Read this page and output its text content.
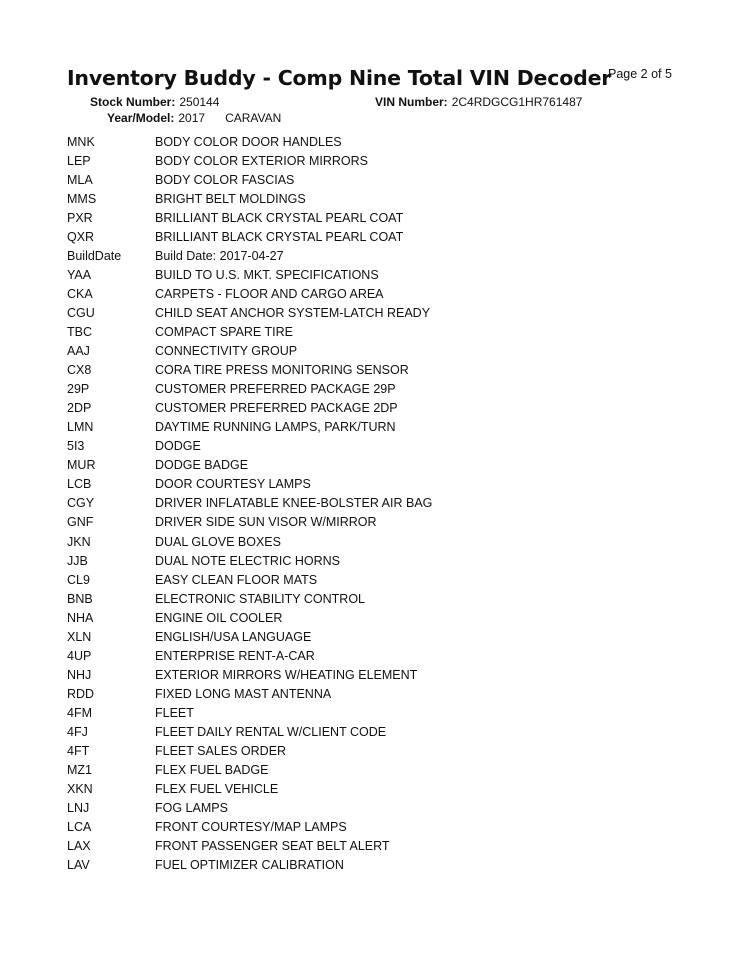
Inventory Buddy - Comp Nine Total VIN Decoder
Page 2 of 5
Stock Number: 250144
Year/Model: 2017 CARAVAN
VIN Number: 2C4RDGCG1HR761487
MNK	BODY COLOR DOOR HANDLES
LEP	BODY COLOR EXTERIOR MIRRORS
MLA	BODY COLOR FASCIAS
MMS	BRIGHT BELT MOLDINGS
PXR	BRILLIANT BLACK CRYSTAL PEARL COAT
QXR	BRILLIANT BLACK CRYSTAL PEARL COAT
BuildDate	Build Date: 2017-04-27
YAA	BUILD TO U.S. MKT. SPECIFICATIONS
CKA	CARPETS - FLOOR AND CARGO AREA
CGU	CHILD SEAT ANCHOR SYSTEM-LATCH READY
TBC	COMPACT SPARE TIRE
AAJ	CONNECTIVITY GROUP
CX8	CORA TIRE PRESS MONITORING SENSOR
29P	CUSTOMER PREFERRED PACKAGE 29P
2DP	CUSTOMER PREFERRED PACKAGE 2DP
LMN	DAYTIME RUNNING LAMPS, PARK/TURN
5I3	DODGE
MUR	DODGE BADGE
LCB	DOOR COURTESY LAMPS
CGY	DRIVER INFLATABLE KNEE-BOLSTER AIR BAG
GNF	DRIVER SIDE SUN VISOR W/MIRROR
JKN	DUAL GLOVE BOXES
JJB	DUAL NOTE ELECTRIC HORNS
CL9	EASY CLEAN FLOOR MATS
BNB	ELECTRONIC STABILITY CONTROL
NHA	ENGINE OIL COOLER
XLN	ENGLISH/USA LANGUAGE
4UP	ENTERPRISE RENT-A-CAR
NHJ	EXTERIOR MIRRORS W/HEATING ELEMENT
RDD	FIXED LONG MAST ANTENNA
4FM	FLEET
4FJ	FLEET DAILY RENTAL W/CLIENT CODE
4FT	FLEET SALES ORDER
MZ1	FLEX FUEL BADGE
XKN	FLEX FUEL VEHICLE
LNJ	FOG LAMPS
LCA	FRONT COURTESY/MAP LAMPS
LAX	FRONT PASSENGER SEAT BELT ALERT
LAV	FUEL OPTIMIZER CALIBRATION
